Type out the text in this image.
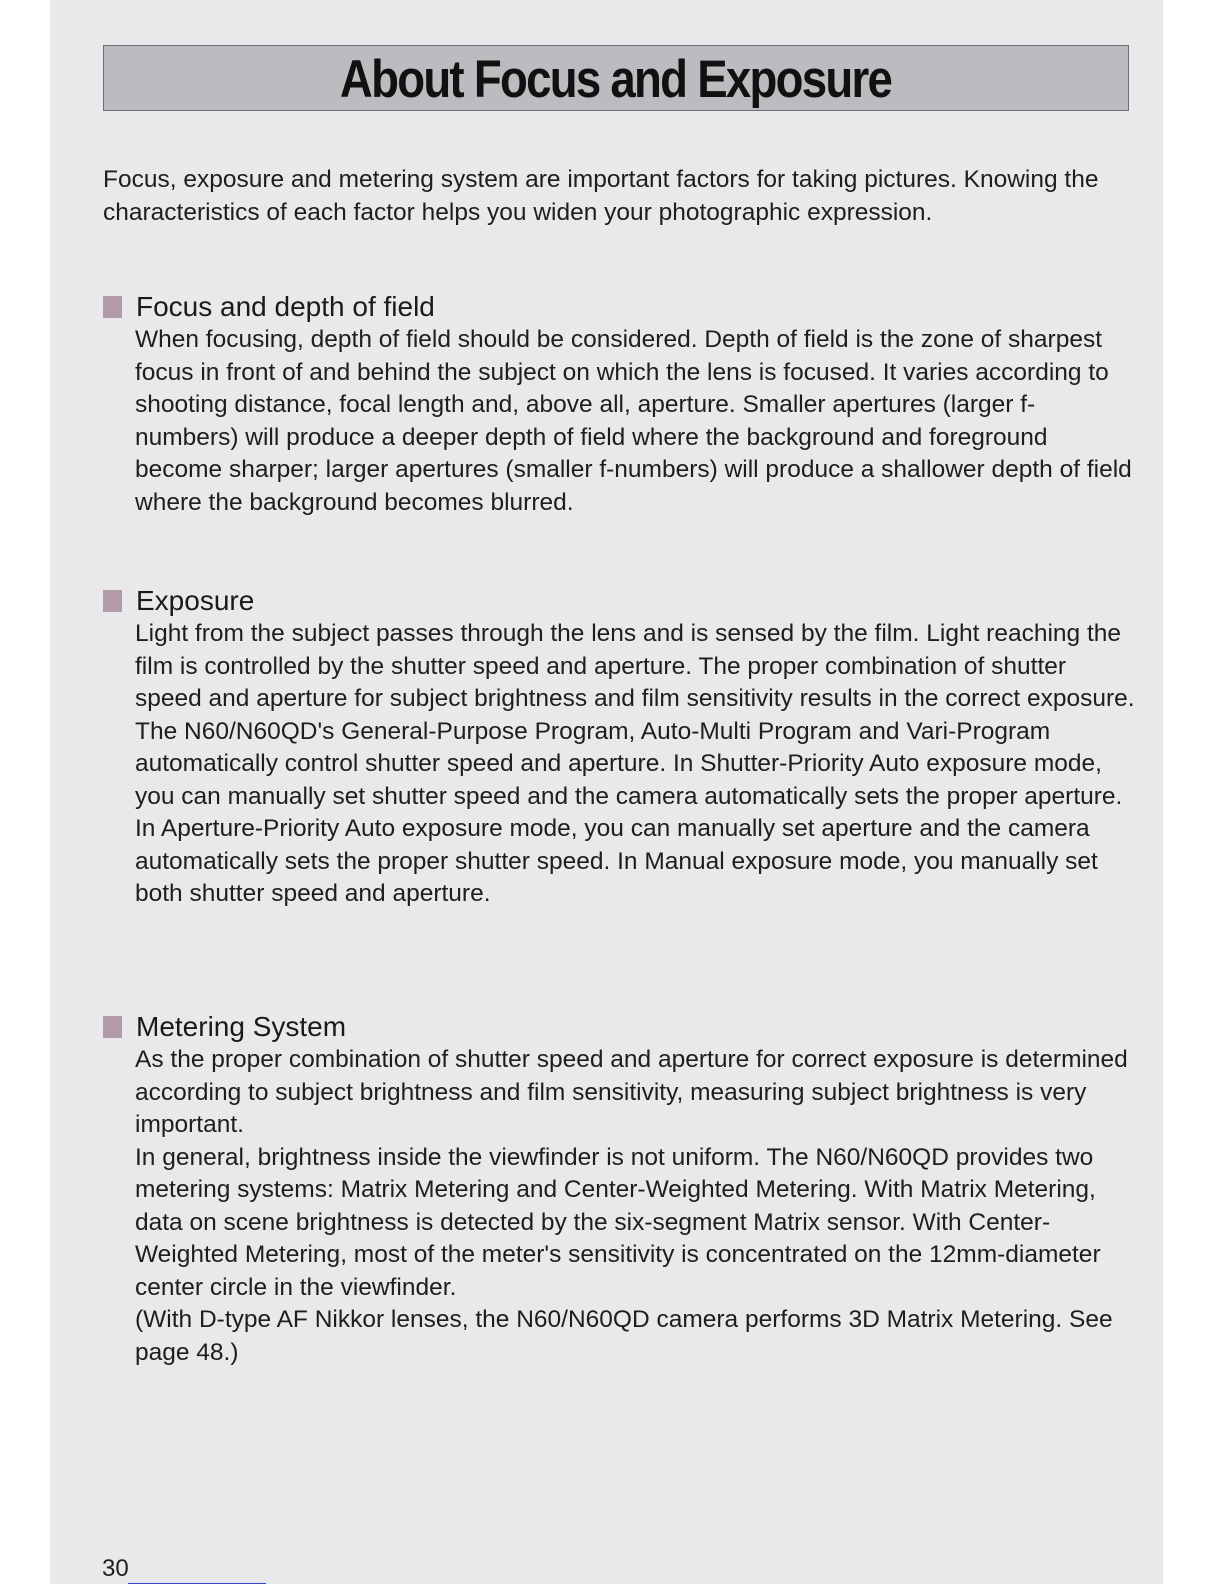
About Focus and Exposure

Focus, exposure and metering system are important factors for taking pictures. Knowing the characteristics of each factor helps you widen your photographic expression.

Focus and depth of field

When focusing, depth of field should be considered. Depth of field is the zone of sharpest focus in front of and behind the subject on which the lens is focused. It varies according to shooting distance, focal length and, above all, aperture. Smaller apertures (larger f-numbers) will produce a deeper depth of field where the background and foreground become sharper; larger apertures (smaller f-numbers) will produce a shallower depth of field where the background becomes blurred.

Exposure

Light from the subject passes through the lens and is sensed by the film. Light reaching the film is controlled by the shutter speed and aperture. The proper combination of shutter speed and aperture for subject brightness and film sensitivity results in the correct exposure.

The N60/N60QD's General-Purpose Program, Auto-Multi Program and Vari-Program automatically control shutter speed and aperture. In Shutter-Priority Auto exposure mode, you can manually set shutter speed and the camera automatically sets the proper aperture. In Aperture-Priority Auto exposure mode, you can manually set aperture and the camera automatically sets the proper shutter speed. In Manual exposure mode, you manually set both shutter speed and aperture.

Metering System

As the proper combination of shutter speed and aperture for correct exposure is determined according to subject brightness and film sensitivity, measuring subject brightness is very important.

In general, brightness inside the viewfinder is not uniform. The N60/N60QD provides two metering systems: Matrix Metering and Center-Weighted Metering. With Matrix Metering, data on scene brightness is detected by the six-segment Matrix sensor. With Center-Weighted Metering, most of the meter's sensitivity is concentrated on the 12mm-diameter center circle in the viewfinder.

(With D-type AF Nikkor lenses, the N60/N60QD camera performs 3D Matrix Metering. See page 48.)

30
